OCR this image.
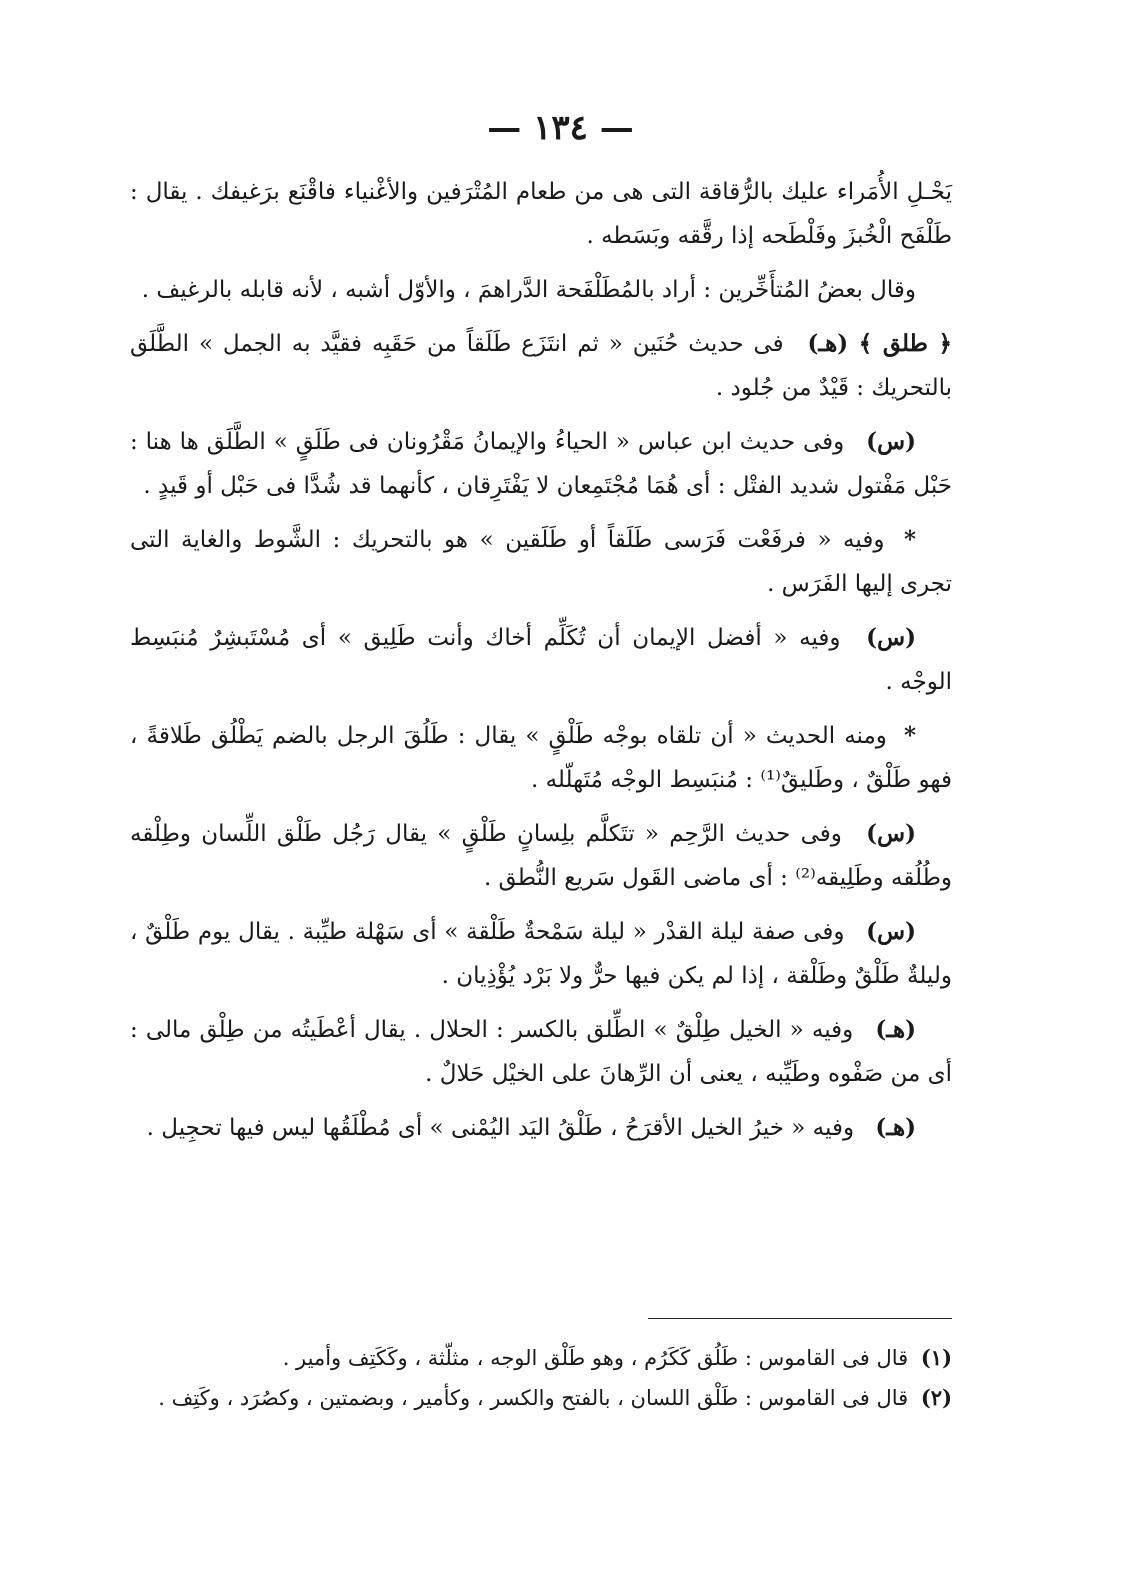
— ١٣٤ —

يَحْـلِ الأُمَراء عليك بالرُّقاقة التى هى من طعام المُتْرَفين والأغْنياء فاقْنَع برَغيفك . يقال : طَلْفَح الْخُبزَ وفَلْطَحه إذا رقَّقه وبَسَطه .

وقال بعضُ المُتأَخِّرين : أراد بالمُطَلْفَحة الدَّراهمَ ، والأوّل أشبه ، لأنه قابله بالرغيف .

﴿ طلق ﴾ (هـ) فى حديث حُنَين « ثم انتَزَع طَلَقاً من حَقَبِه فقيَّد به الجمل » الطَّلَق بالتحريك : قَيْدٌ من جُلود .

(س) وفى حديث ابن عباس « الحياءُ والإيمانُ مَقْرُونان فى طَلَقٍ » الطَّلَق ها هنا : حَبْل مَفْتول شديد الفتْل : أى هُمَا مُجْتَمِعان لا يَفْتَرِقان ، كأنهما قد شُدَّا فى حَبْل أو قَيدٍ .

* وفيه « فرفَعْت فَرَسى طَلَقاً أو طَلَقين » هو بالتحريك : الشَّوط والغاية التى تجرى إليها الفَرَس .

(س) وفيه « أفضل الإيمان أن تُكَلِّم أخاك وأنت طَلِيق » أى مُسْتَبشِرٌ مُنبَسِط الوجْه .

* ومنه الحديث « أن تلقاه بوجْه طَلْقٍ » يقال : طَلُقَ الرجل بالضم يَطْلُق طَلاقةً ، فهو طَلْقٌ ، وطَليقٌ⁽¹⁾ : مُنبَسِط الوجْه مُتَهلّله .

(س) وفى حديث الرَّحِم « تتَكلَّم بلِسانٍ طَلْقٍ » يقال رَجُل طَلْق اللِّسان وطِلْقه وطُلُقه وطَلِيقه⁽²⁾ : أى ماضى القَول سَريع النُّطق .

(س) وفى صفة ليلة القدْر « ليلة سَمْحةٌ طَلْقة » أى سَهْلة طيِّبة . يقال يوم طَلْقٌ ، وليلةٌ طَلْقٌ وطَلْقة ، إذا لم يكن فيها حرٌّ ولا بَرْد يُؤْذِيان .

(هـ) وفيه « الخيل طِلْقٌ » الطِّلق بالكسر : الحلال . يقال أعْطَيتُه من طِلْق مالى : أى من صَفْوه وطَيِّبه ، يعنى أن الرِّهانَ على الخيْل حَلالٌ .

(هـ) وفيه « خيرُ الخيل الأقرَحُ ، طَلْقُ اليَد اليُمْنى » أى مُطْلَقُها ليس فيها تحجِيل .

(١) قال فى القاموس : طَلُق كَكَرُم ، وهو طَلْق الوجه ، مثلّثة ، وكَكَتِف وأمير .

(٢) قال فى القاموس : طَلْق اللسان ، بالفتح والكسر ، وكأمير ، وبضمتين ، وكصُرَد ، وكَتِف .
